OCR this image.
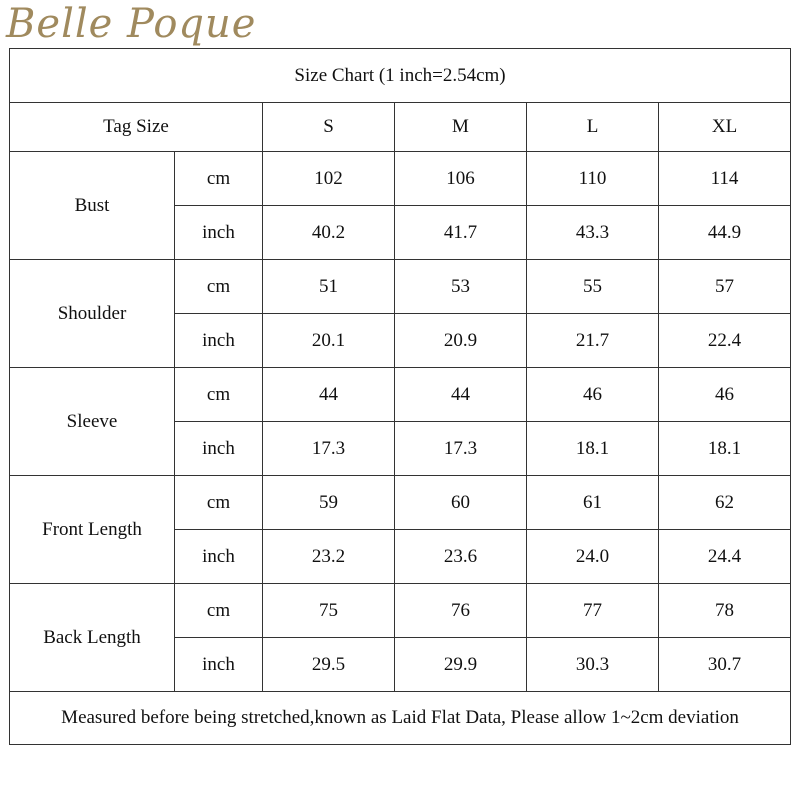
Belle Poque
Size Chart (1 inch=2.54cm)					
Tag Size		S	M	L	XL
Bust	cm	102	106	110	114
	inch	40.2	41.7	43.3	44.9
Shoulder	cm	51	53	55	57
	inch	20.1	20.9	21.7	22.4
Sleeve	cm	44	44	46	46
	inch	17.3	17.3	18.1	18.1
Front Length	cm	59	60	61	62
	inch	23.2	23.6	24.0	24.4
Back Length	cm	75	76	77	78
	inch	29.5	29.9	30.3	30.7
Measured before being stretched,known as Laid Flat Data, Please allow 1~2cm deviation					
